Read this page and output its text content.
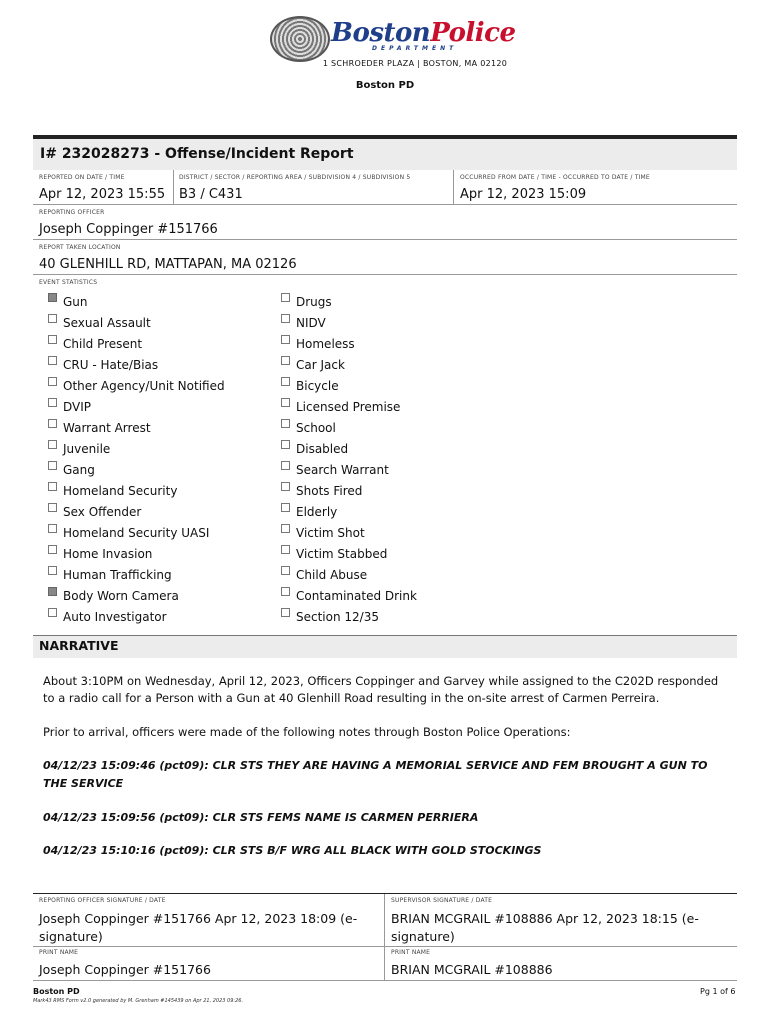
BostonPolice
DEPARTMENT
1 SCHROEDER PLAZA | BOSTON, MA 02120
Boston PD
I# 232028273 - Offense/Incident Report
REPORTED ON DATE / TIME
Apr 12, 2023 15:55
DISTRICT / SECTOR / REPORTING AREA / SUBDIVISION 4 / SUBDIVISION 5
B3 / C431
OCCURRED FROM DATE / TIME - OCCURRED TO DATE / TIME
Apr 12, 2023 15:09
REPORTING OFFICER
Joseph Coppinger #151766
REPORT TAKEN LOCATION
40 GLENHILL RD, MATTAPAN, MA 02126
EVENT STATISTICS
Gun
Sexual Assault
Child Present
CRU - Hate/Bias
Other Agency/Unit Notified
DVIP
Warrant Arrest
Juvenile
Gang
Homeland Security
Sex Offender
Homeland Security UASI
Home Invasion
Human Trafficking
Body Worn Camera
Auto Investigator
Drugs
NIDV
Homeless
Car Jack
Bicycle
Licensed Premise
School
Disabled
Search Warrant
Shots Fired
Elderly
Victim Shot
Victim Stabbed
Child Abuse
Contaminated Drink
Section 12/35
NARRATIVE
About 3:10PM on Wednesday, April 12, 2023, Officers Coppinger and Garvey while assigned to the C202D responded to a radio call for a Person with a Gun at 40 Glenhill Road resulting in the on-site arrest of Carmen Perreira.
Prior to arrival, officers were made of the following notes through Boston Police Operations:
04/12/23 15:09:46 (pct09): CLR STS THEY ARE HAVING A MEMORIAL SERVICE AND FEM BROUGHT A GUN TO THE SERVICE
04/12/23 15:09:56 (pct09): CLR STS FEMS NAME IS CARMEN PERRIERA
04/12/23 15:10:16 (pct09): CLR STS B/F WRG ALL BLACK WITH GOLD STOCKINGS
REPORTING OFFICER SIGNATURE / DATE
Joseph Coppinger #151766 Apr 12, 2023 18:09 (e-signature)
SUPERVISOR SIGNATURE / DATE
BRIAN MCGRAIL #108886 Apr 12, 2023 18:15 (e-signature)
PRINT NAME
Joseph Coppinger #151766
PRINT NAME
BRIAN MCGRAIL #108886
Boston PD
Mark43 RMS Form v2.0 generated by M. Grenham #145439 on Apr 21, 2023 09:26.
Pg 1 of 6
